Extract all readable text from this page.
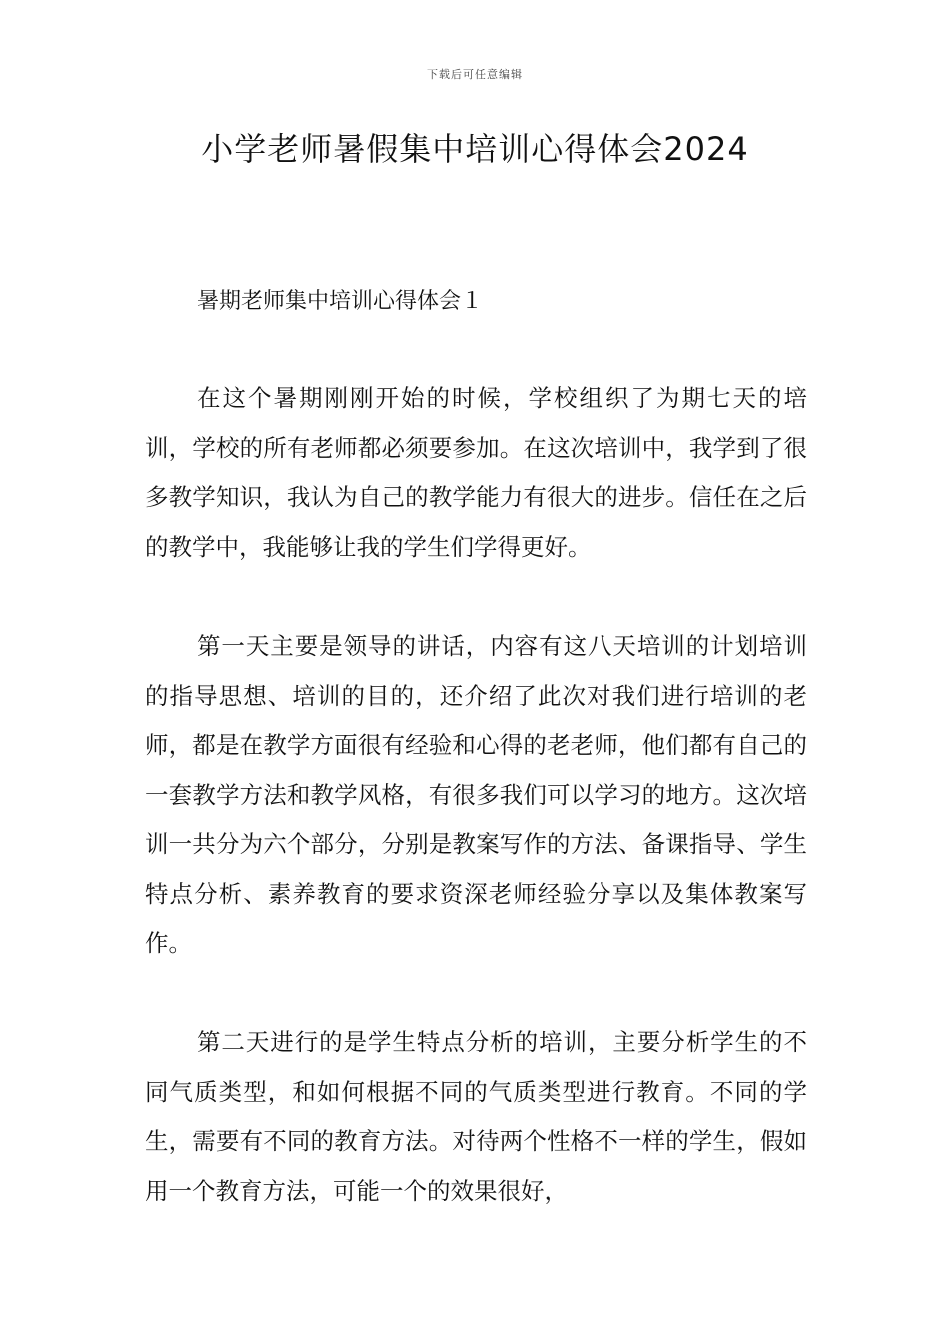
下载后可任意编辑
小学老师暑假集中培训心得体会2024
暑期老师集中培训心得体会１

在这个暑期刚刚开始的时候，学校组织了为期七天的培训，学校的所有老师都必须要参加。在这次培训中，我学到了很多教学知识，我认为自己的教学能力有很大的进步。信任在之后的教学中，我能够让我的学生们学得更好。

第一天主要是领导的讲话，内容有这八天培训的计划培训的指导思想、培训的目的，还介绍了此次对我们进行培训的老师，都是在教学方面很有经验和心得的老老师，他们都有自己的一套教学方法和教学风格，有很多我们可以学习的地方。这次培训一共分为六个部分，分别是教案写作的方法、备课指导、学生特点分析、素养教育的要求资深老师经验分享以及集体教案写作。

第二天进行的是学生特点分析的培训，主要分析学生的不同气质类型，和如何根据不同的气质类型进行教育。不同的学生，需要有不同的教育方法。对待两个性格不一样的学生，假如用一个教育方法，可能一个的效果很好，
